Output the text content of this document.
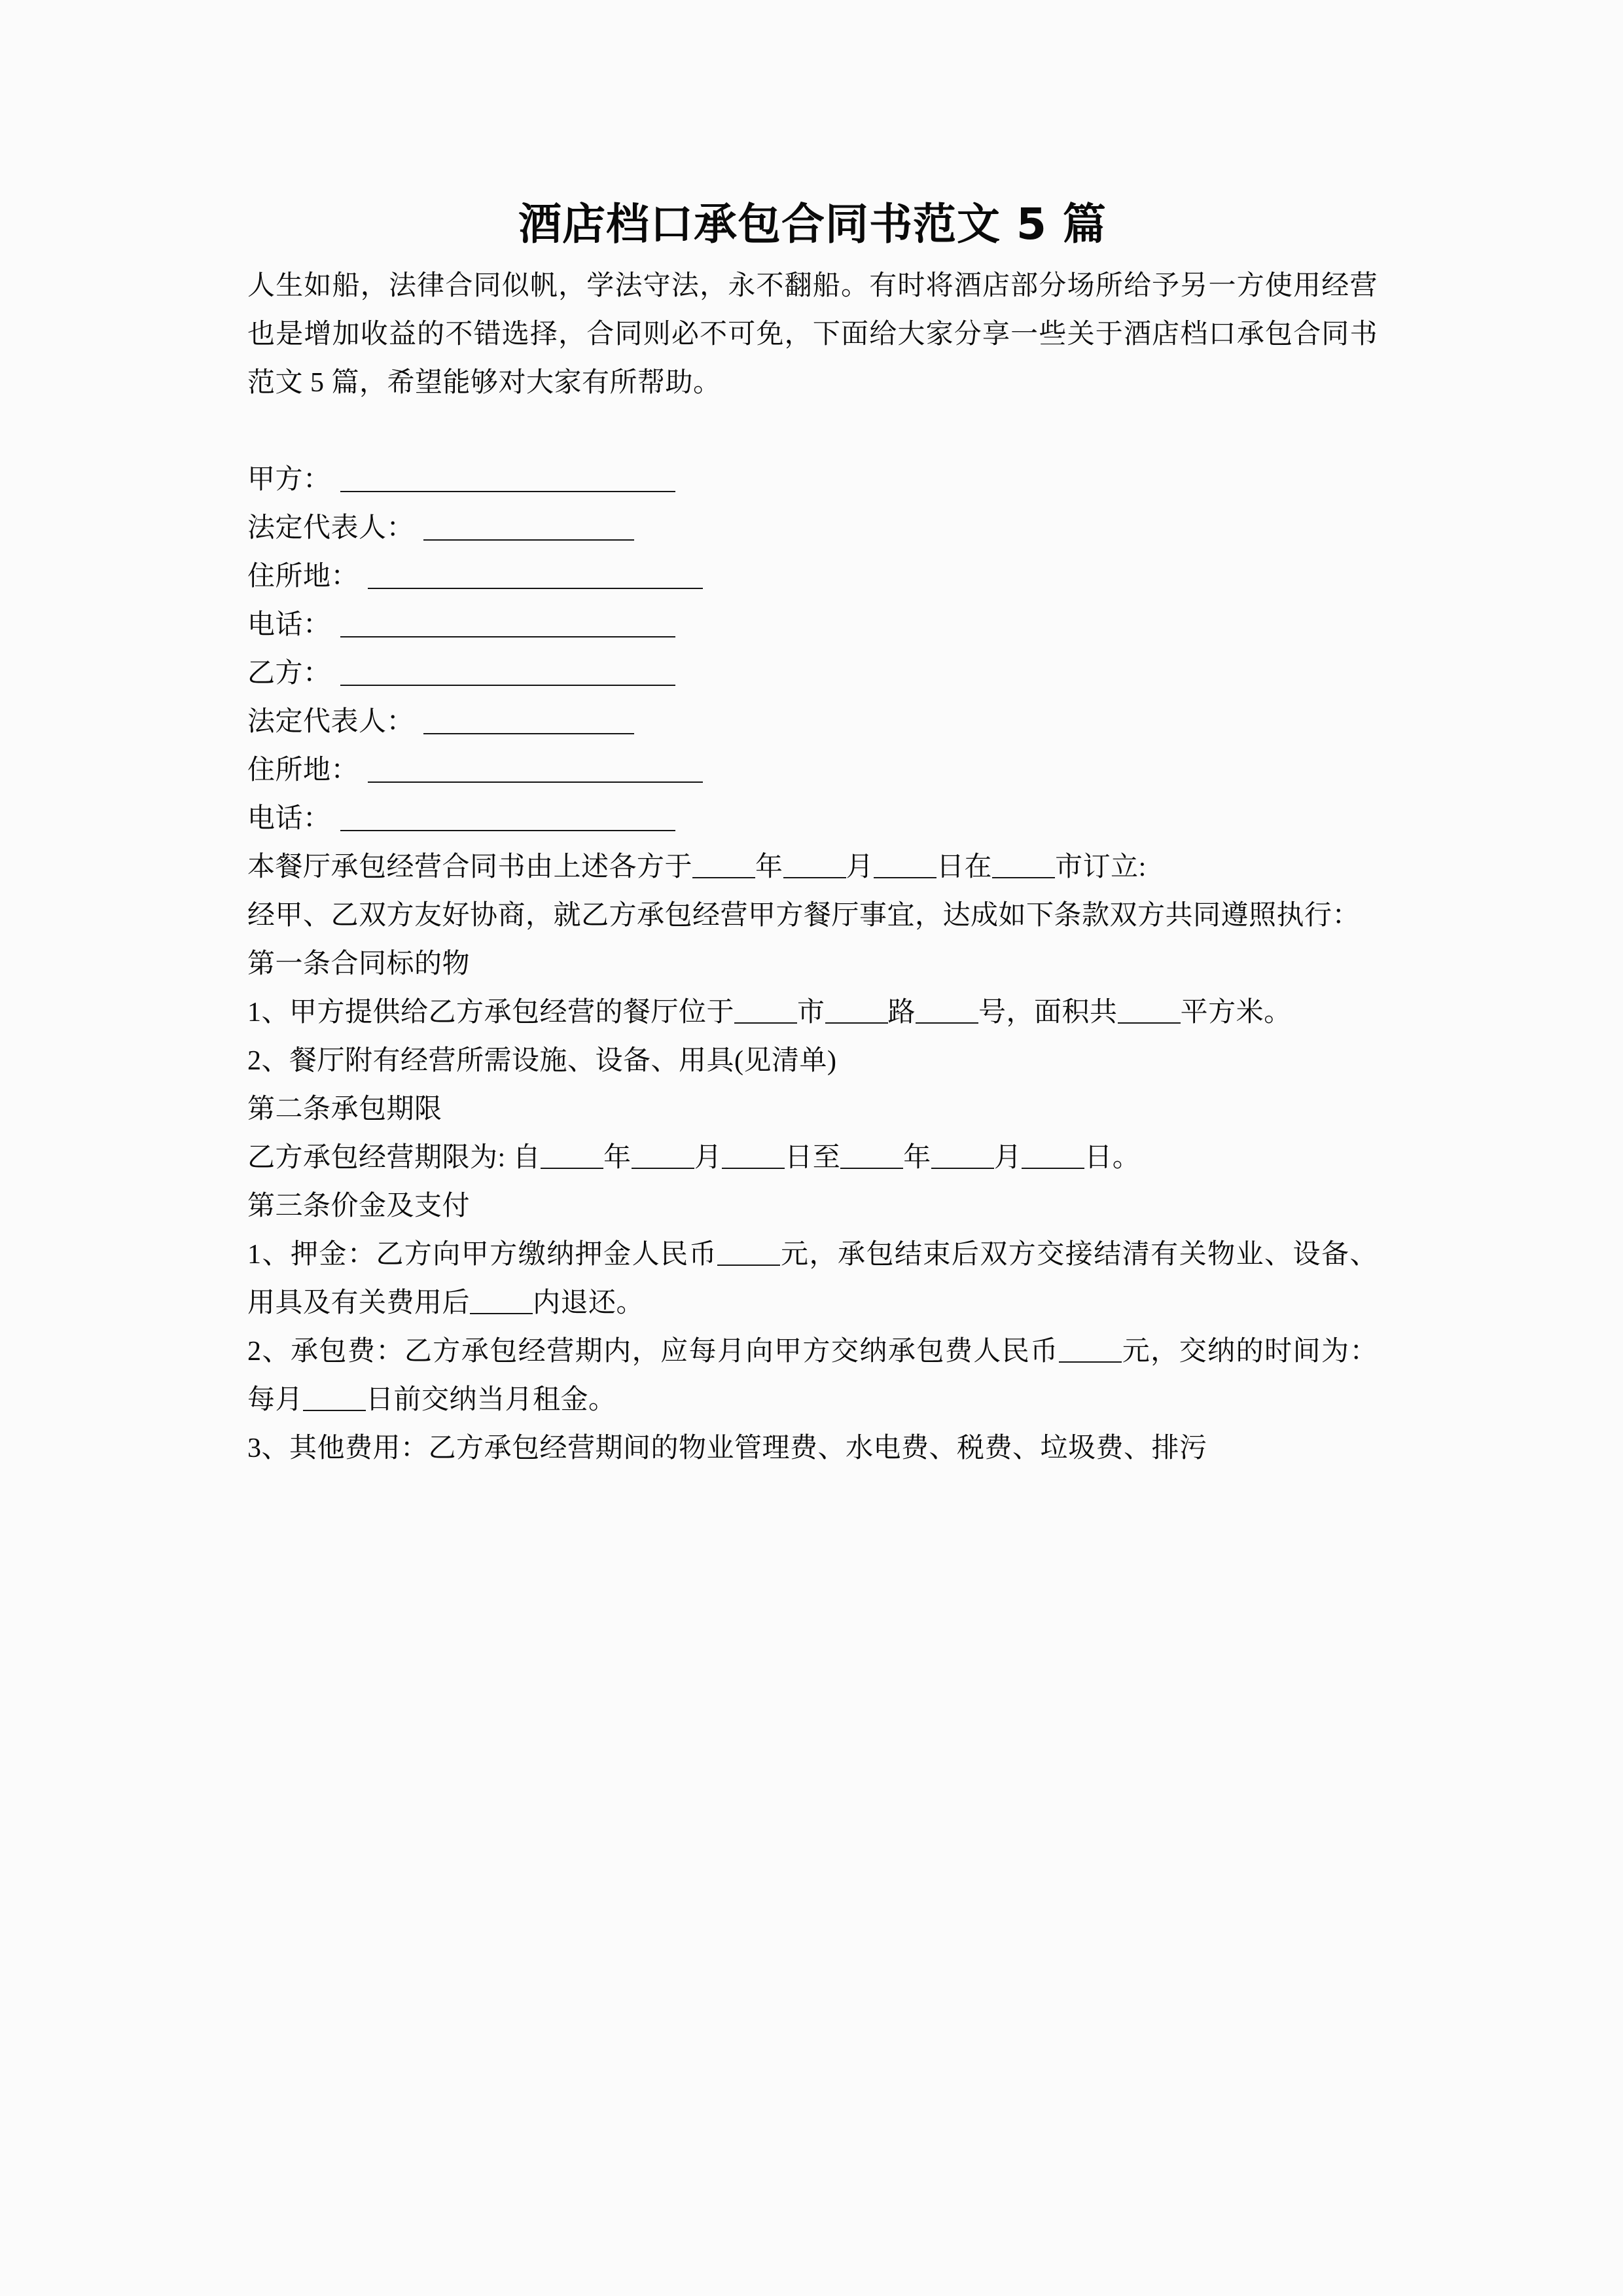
酒店档口承包合同书范文 5 篇

人生如船，法律合同似帆，学法守法，永不翻船。有时将酒店部分场所给予另一方使用经营也是增加收益的不错选择，合同则必不可免，下面给大家分享一些关于酒店档口承包合同书范文 5 篇，希望能够对大家有所帮助。

甲方：
法定代表人：
住所地：
电话：
乙方：
法定代表人：
住所地：
电话：

本餐厅承包经营合同书由上述各方于 年 月 日在 市订立:

经甲、乙双方友好协商，就乙方承包经营甲方餐厅事宜，达成如下条款双方共同遵照执行：

第一条合同标的物

1、甲方提供给乙方承包经营的餐厅位于 市 路 号，面积共 平方米。

2、餐厅附有经营所需设施、设备、用具(见清单)

第二条承包期限

乙方承包经营期限为: 自 年 月 日至 年 月 日。

第三条价金及支付

1、押金：乙方向甲方缴纳押金人民币 元，承包结束后双方交接结清有关物业、设备、用具及有关费用后 内退还。

2、承包费：乙方承包经营期内，应每月向甲方交纳承包费人民币 元，交纳的时间为：每月 日前交纳当月租金。

3、其他费用：乙方承包经营期间的物业管理费、水电费、税费、垃圾费、排污
